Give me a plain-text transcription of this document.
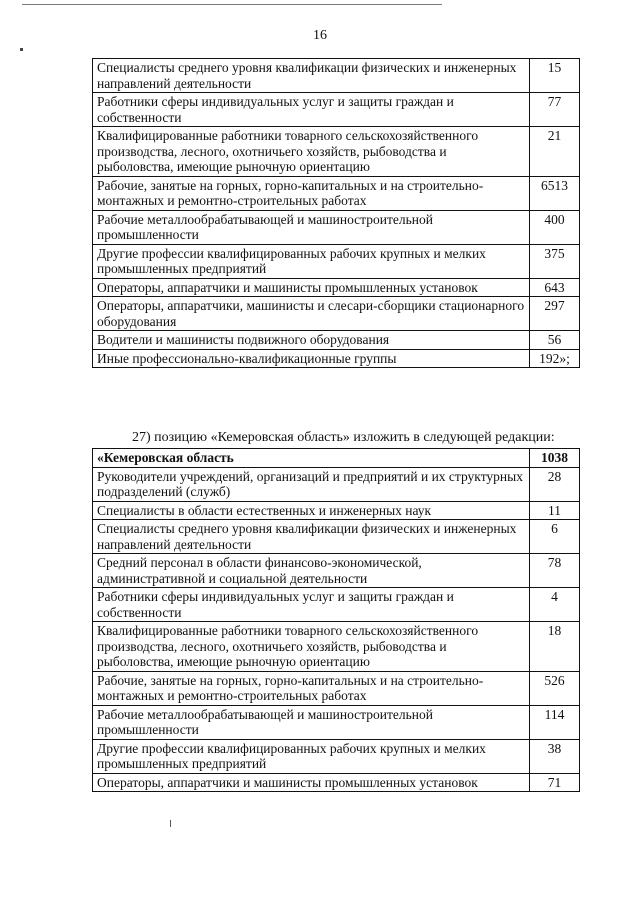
16
Специалисты среднего уровня квалификации физических и инженерных направлений деятельности	15
Работники сферы индивидуальных услуг и защиты граждан и собственности	77
Квалифицированные работники товарного сельскохозяйственного производства, лесного, охотничьего хозяйств, рыбоводства и рыболовства, имеющие рыночную ориентацию	21
Рабочие, занятые на горных, горно-капитальных и на строительно-монтажных и ремонтно-строительных работах	6513
Рабочие металлообрабатывающей и машиностроительной промышленности	400
Другие профессии квалифицированных рабочих крупных и мелких промышленных предприятий	375
Операторы, аппаратчики и машинисты промышленных установок	643
Операторы, аппаратчики, машинисты и слесари-сборщики стационарного оборудования	297
Водители и машинисты подвижного оборудования	56
Иные профессионально-квалификационные группы	192»;
27) позицию «Кемеровская область» изложить в следующей редакции:
«Кемеровская область	1038
Руководители учреждений, организаций и предприятий и их структурных подразделений (служб)	28
Специалисты в области естественных и инженерных наук	11
Специалисты среднего уровня квалификации физических и инженерных направлений деятельности	6
Средний персонал в области финансово-экономической, административной и социальной деятельности	78
Работники сферы индивидуальных услуг и защиты граждан и собственности	4
Квалифицированные работники товарного сельскохозяйственного производства, лесного, охотничьего хозяйств, рыбоводства и рыболовства, имеющие рыночную ориентацию	18
Рабочие, занятые на горных, горно-капитальных и на строительно-монтажных и ремонтно-строительных работах	526
Рабочие металлообрабатывающей и машиностроительной промышленности	114
Другие профессии квалифицированных рабочих крупных и мелких промышленных предприятий	38
Операторы, аппаратчики и машинисты промышленных установок	71
